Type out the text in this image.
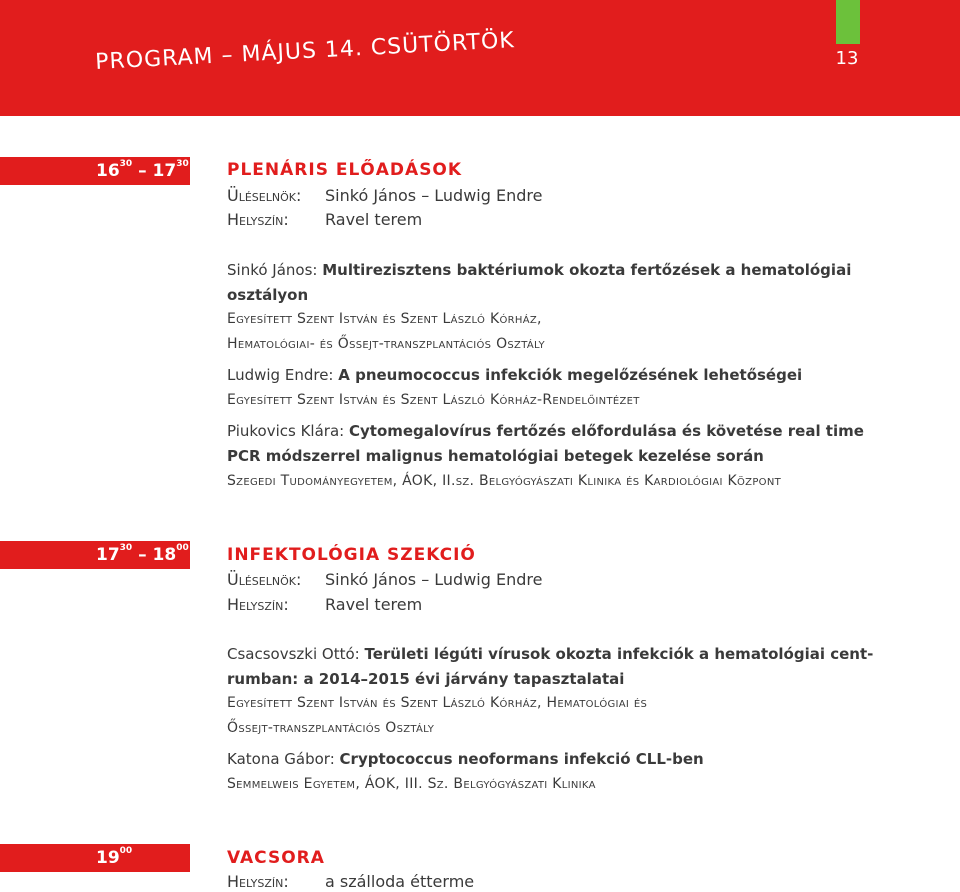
PROGRAM – MÁJUS 14. CSÜTÖRTÖK	13
$16^{30} - 17^{30}$ PLENÁRIS ELŐADÁSOK
Üléselnök: Sinkó János – Ludwig Endre
Helyszín: Ravel terem
Sinkó János: Multirezisztens baktériumok okozta fertőzések a hematológiai
osztályon
Egyesített Szent István és Szent László Kórház,
Hematológiai- és Őssejt-transzplantációs Osztály
Ludwig Endre: A pneumococcus infekciók megelőzésének lehetőségei
Egyesített Szent István és Szent László Kórház-Rendelőintézet
Piukovics Klára: Cytomegalovírus fertőzés előfordulása és követése real time
PCR módszerrel malignus hematológiai betegek kezelése során
Szegedi Tudományegyetem, ÁOK, II.sz. Belgyógyászati Klinika és Kardiológiai Központ
$17^{30} - 18^{00}$ INFEKTOLÓGIA SZEKCIÓ
Üléselnök: Sinkó János – Ludwig Endre
Helyszín: Ravel terem
Csacsovszki Ottó: Területi légúti vírusok okozta infekciók a hematológiai cent-
rumban: a 2014–2015 évi járvány tapasztalatai
Egyesített Szent István és Szent László Kórház, Hematológiai és
Őssejt-transzplantációs Osztály
Katona Gábor: Cryptococcus neoformans infekció CLL-ben
Semmelweis Egyetem, ÁOK, III. Sz. Belgyógyászati Klinika
$19^{00}$	VACSORA
Helyszín: a szálloda étterme
